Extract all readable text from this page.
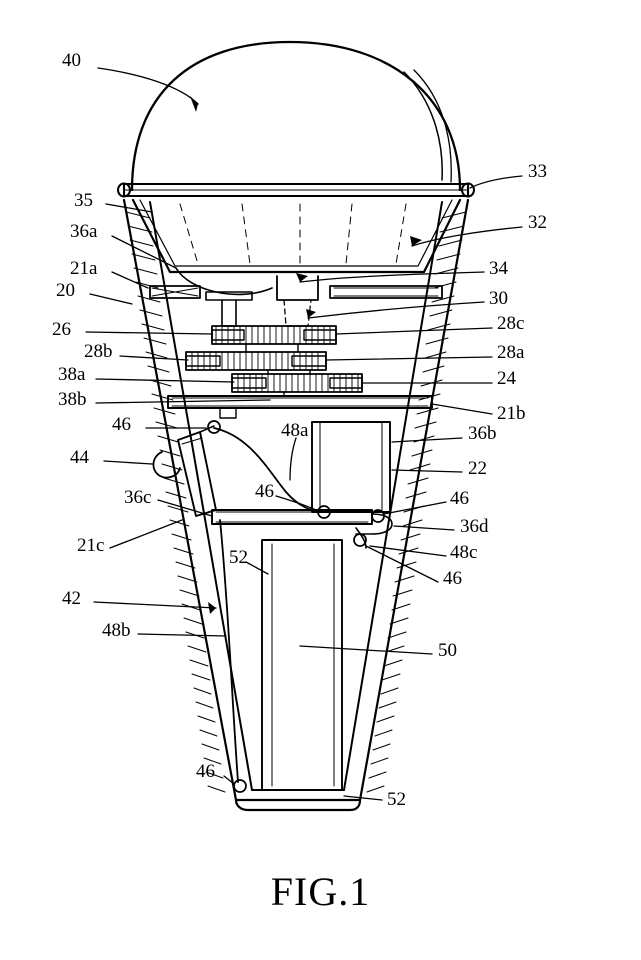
40
33
35
32
36a
21a	34
20	30
26	28c
28b	28a
38a	24
38b
21b
46	48a	36b
44
22
36c	46	46
36d
21c	48c
52
46
42
48b
50
46
52
FIG.1
